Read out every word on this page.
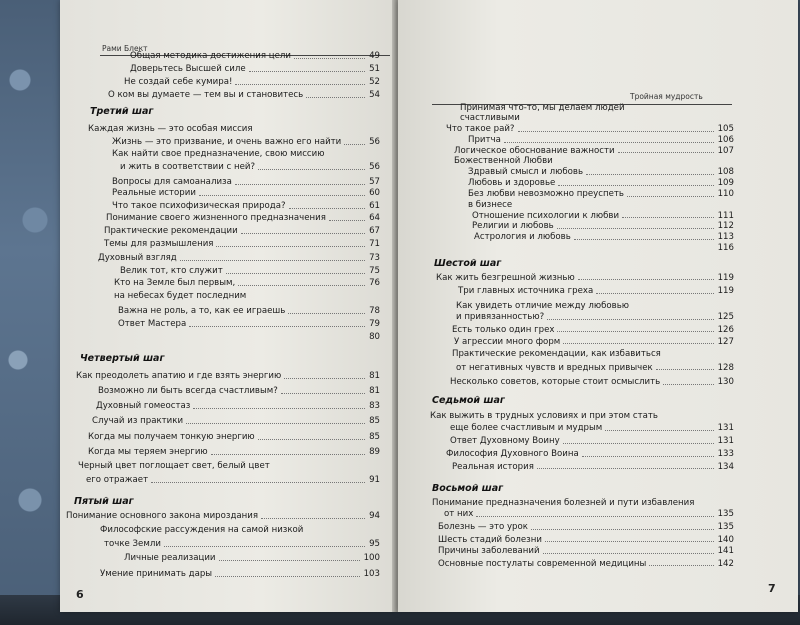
Рами Блект
Общая методика достижения цели	49
Доверьтесь Высшей силе	51
Не создай себе кумира!	52
О ком вы думаете — тем вы и становитесь	54
Третий шаг
Каждая жизнь — это особая миссия
Жизнь — это призвание, и очень важно его найти	56
Как найти свое предназначение, свою миссию
и жить в соответствии с ней?	56
Вопросы для самоанализа	57
Реальные истории	60
Что такое психофизическая природа?	61
Понимание своего жизненного предназначения	64
Практические рекомендации	67
Темы для размышления	71
Духовный взгляд	73
Велик тот, кто служит	75
Кто на Земле был первым,	76
на небесах будет последним
Важна не роль, а то, как ее играешь	78
Ответ Мастера	79
80
Четвертый шаг
Как преодолеть апатию и где взять энергию	81
Возможно ли быть всегда счастливым?	81
Духовный гомеостаз	83
Случай из практики	85
Когда мы получаем тонкую энергию	85
Когда мы теряем энергию	89
Черный цвет поглощает свет, белый цвет
его отражает	91
Пятый шаг
Понимание основного закона мироздания	94
Философские рассуждения на самой низкой
точке Земли	95
Личные реализации	100
Умение принимать дары	103
6
Тройная мудрость
Принимая что-то, мы делаем людей
счастливыми
Что такое рай?	105
Притча	106
Логическое обоснование важности	107
Божественной Любви
Здравый смысл и любовь	108
Любовь и здоровье	109
Без любви невозможно преуспеть	110
в бизнесе
Отношение психологии к любви	111
Религии и любовь	112
Астрология и любовь	113
116
Шестой шаг
Как жить безгрешной жизнью	119
Три главных источника греха	119
Как увидеть отличие между любовью
и привязанностью?	125
Есть только один грех	126
У агрессии много форм	127
Практические рекомендации, как избавиться
от негативных чувств и вредных привычек	128
Несколько советов, которые стоит осмыслить	130
Седьмой шаг
Как выжить в трудных условиях и при этом стать
еще более счастливым и мудрым	131
Ответ Духовному Воину	131
Философия Духовного Воина	133
Реальная история	134
Восьмой шаг
Понимание предназначения болезней и пути избавления
от них	135
Болезнь — это урок	135
Шесть стадий болезни	140
Причины заболеваний	141
Основные постулаты современной медицины	142
7
